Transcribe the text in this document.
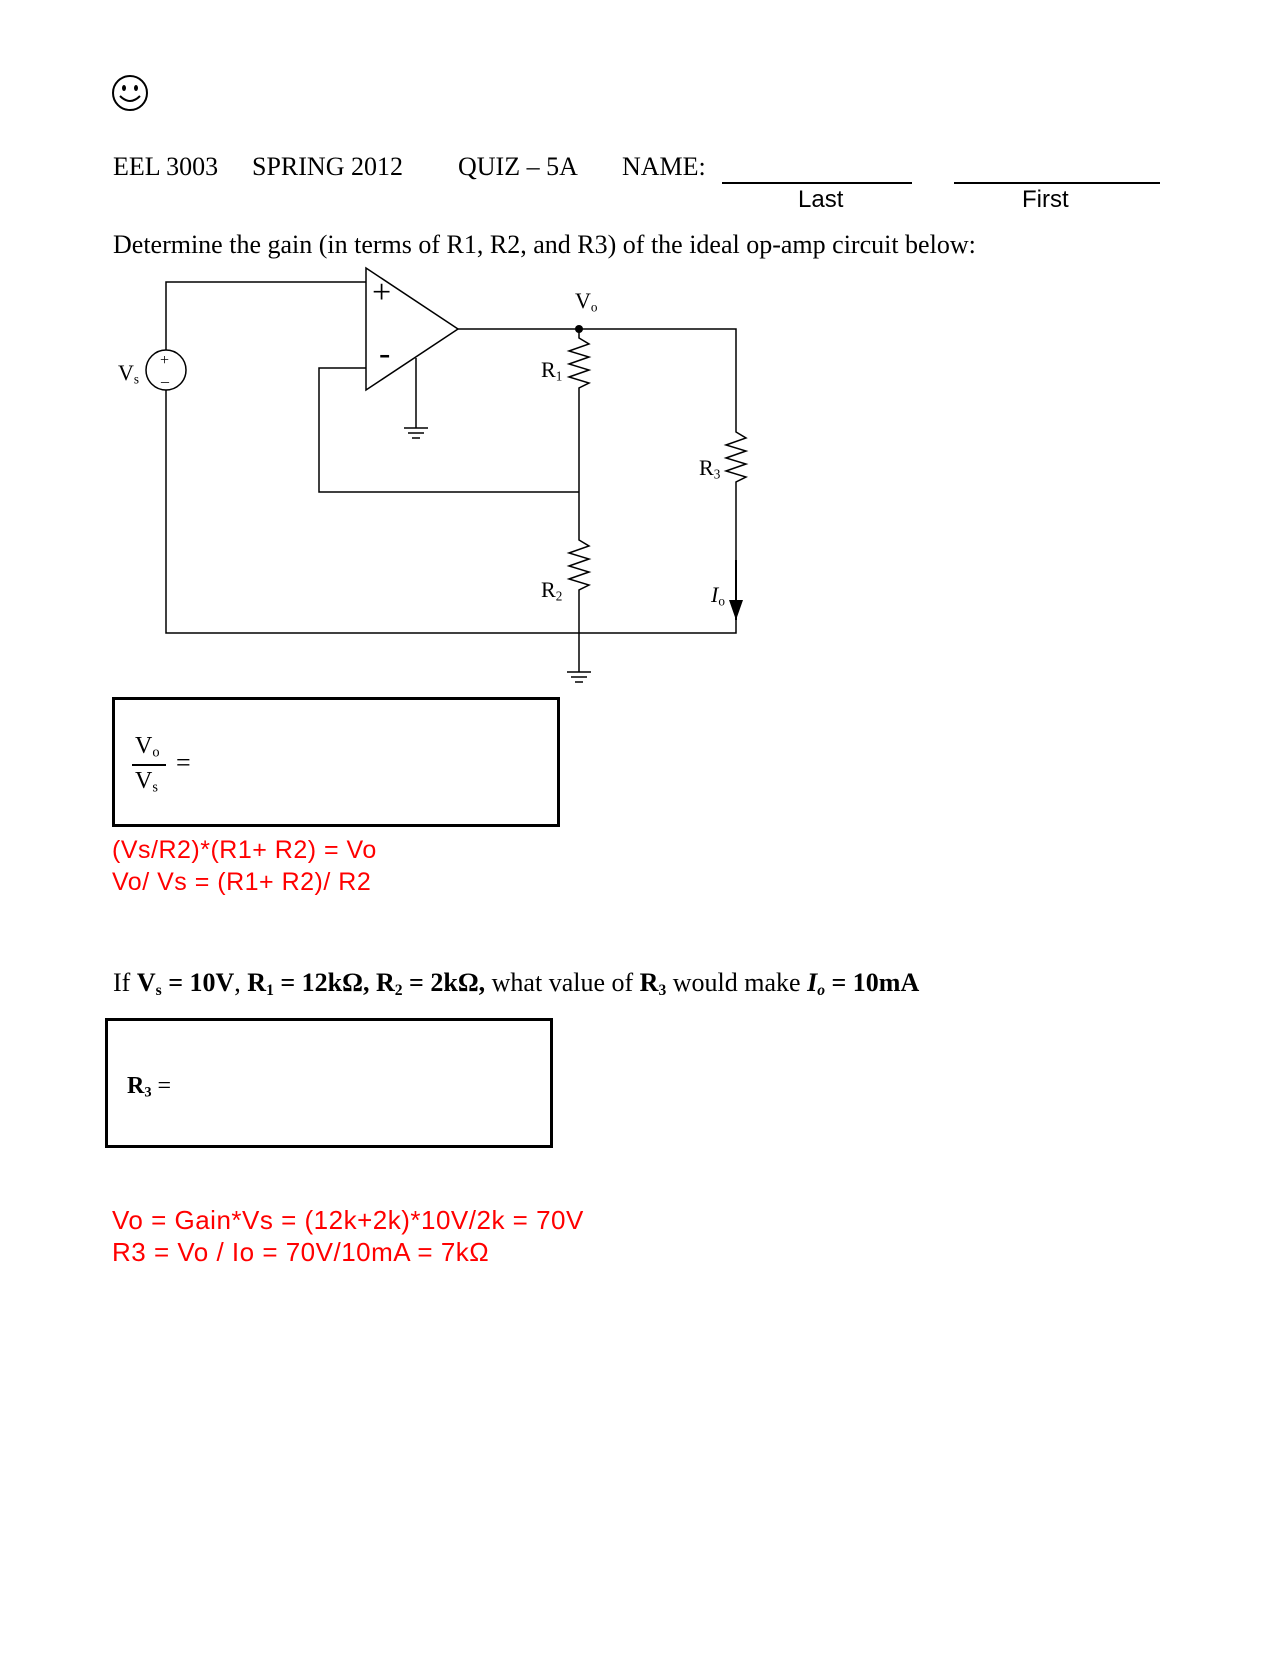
EEL 3003 SPRING 2012 QUIZ – 5A NAME:
Last	First
Determine the gain (in terms of R1, R2, and R3) of the ideal op-amp circuit below:
+
-
$V_o$
$V_s$
+
_	$R_1$
$R_2$
$R_3$
$I_o$
$V_o$
$V_s$
=
(Vs/R2)*(R1+ R2) = Vo
Vo/ Vs = (R1+ R2)/ R2
If $V_s = 10V$, $R_1 = 12k\Omega$, $R_2 = 2k\Omega$, what value of $R_3$ would make $I_o = 10mA$
$R_3$ =
Vo = Gain*Vs = (12k+2k)*10V/2k = 70V
R3 = Vo / Io = 70V/10mA = 7kΩ
